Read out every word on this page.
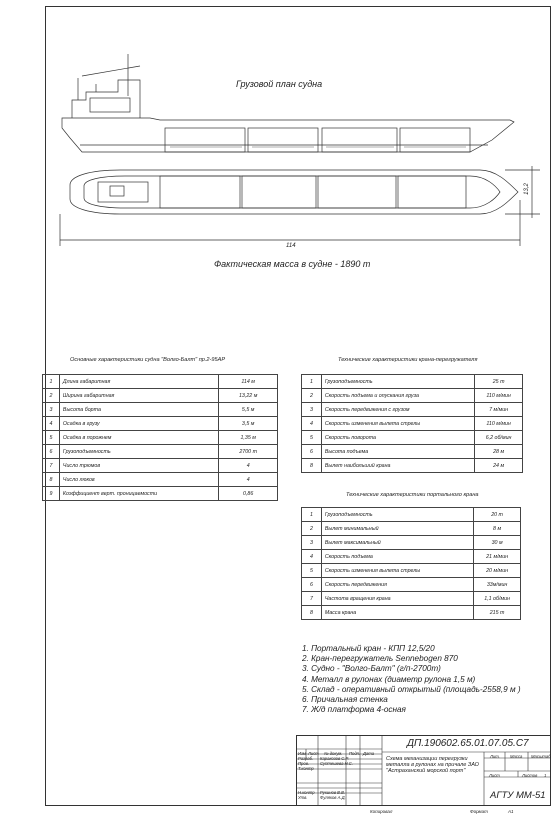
Грузовой план судна
114
13,2
Фактическая масса в судне - 1890 т
Основные характеристики судна "Волго-Балт" пр.2-95АР
1	Длина габаритная	114 м
2	Ширина габаритная	13,22 м
3	Высота борта	5,5 м
4	Осадка в грузу	3,5 м
5	Осадка в порожнем	1,35 м
6	Грузоподъемность	2700 т
7	Число трюмов	4
8	Число люков	4
9	Коэффициент верт. проницаемости	0,86
Технические характеристики крана-перегружателя
1	Грузоподъемность	25 т
2	Скорость подъема и опускания груза	110 м/мин
3	Скорость передвижения с грузом	7 м/мин
4	Скорость изменения вылета стрелы	110 м/мин
5	Скорость поворота	6,2 об/мин
6	Высота подъема	28 м
8	Вылет наибольший крана	24 м
Технические характеристики портального крана
1	Грузоподъемность	20 т
2	Вылет минимальный	8 м
3	Вылет максимальный	30 м
4	Скорость подъема	21 м/мин
5	Скорость изменения вылета стрелы	20 м/мин
6	Скорость передвижения	33м/мин
7	Частота вращения крана	1,1 об/мин
8	Масса крана	215 т
1. Портальный кран - КПП 12,5/20
2. Кран-перегружатель Sennebogen 870
3. Судно - "Волго-Балт" (г/п-2700т)
4. Металл в рулонах (диаметр рулона 1,5 м)
5. Склад - оперативный открытый (площадь-2558,9 м )
6. Причальная стенка
7. Ж/д платформа 4-осная
ДП.190602.65.01.07.05.С7
Изм Лист № докум. Подп. Дата
Разраб. Каракозов С.Р.
Пров.	Суптешева Н.С.
Т.контр
Н.контр Рукинов В.В.
Утв.	Фуляков А.Д.
Схема механизации перегрузки металла в рулонах на причале ЗАО "Астраханский морской порт"
Лит. Масса Масштаб
Лист	Листов 1
АГТУ ММ-51
Копировал	Формат	А1
